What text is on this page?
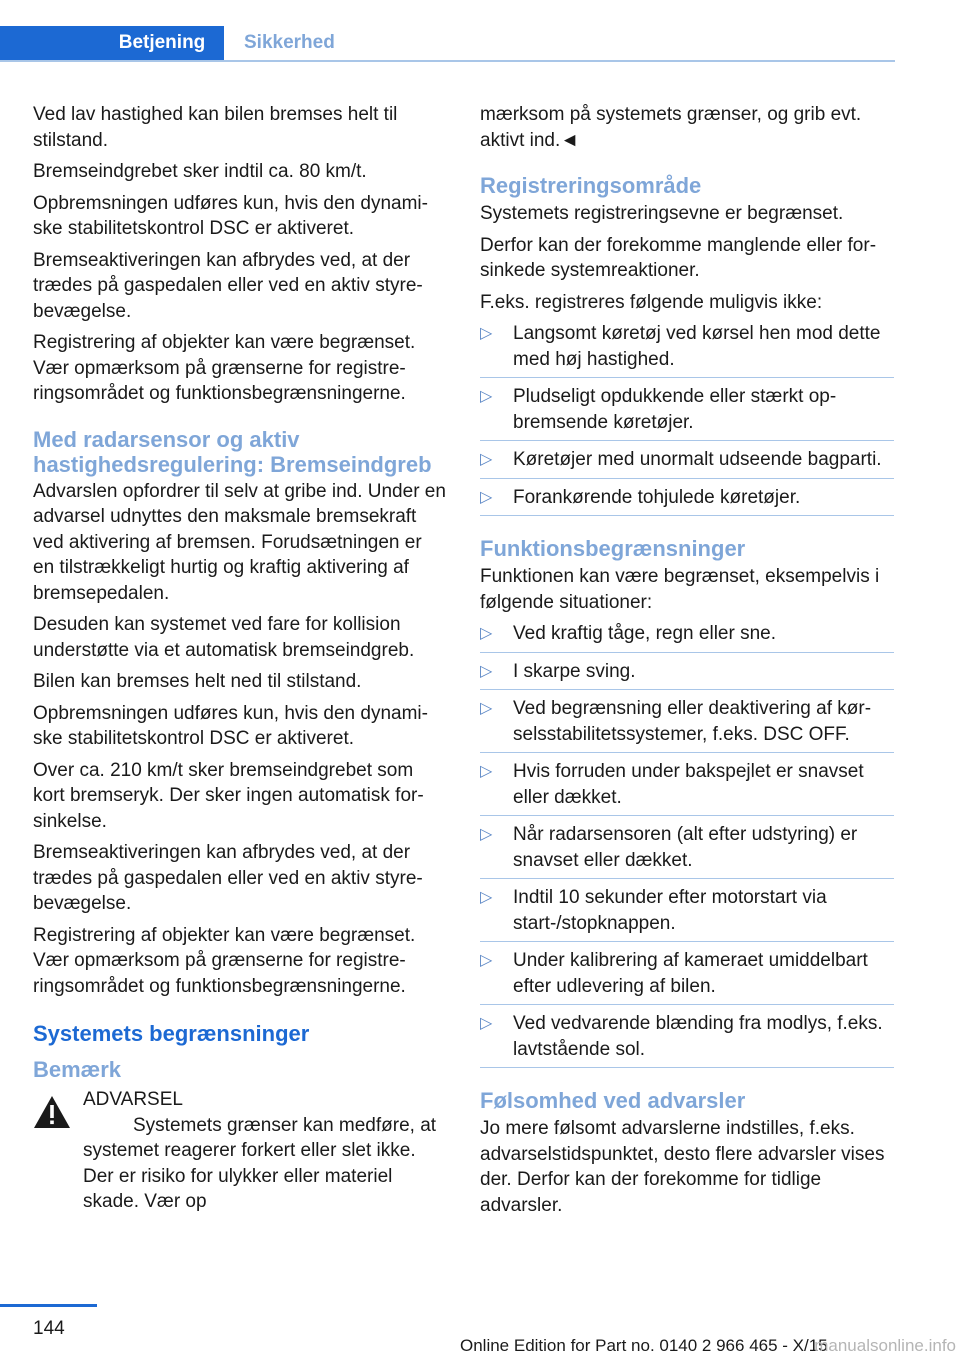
Betjening	Sikkerhed

Ved lav hastighed kan bilen bremses helt til stilstand.

Bremseindgrebet sker indtil ca. 80 km/t.

Opbremsningen udføres kun, hvis den dynamiske stabilitetskontrol DSC er aktiveret.

Bremseaktiveringen kan afbrydes ved, at der trædes på gaspedalen eller ved en aktiv styrebevægelse.

Registrering af objekter kan være begrænset. Vær opmærksom på grænserne for registreringsområdet og funktionsbegrænsningerne.

Med radarsensor og aktiv hastighedsregulering: Bremseindgreb

Advarslen opfordrer til selv at gribe ind. Under en advarsel udnyttes den maksmale bremsekraft ved aktivering af bremsen. Forudsætningen er en tilstrækkeligt hurtig og kraftig aktivering af bremsepedalen.

Desuden kan systemet ved fare for kollision understøtte via et automatisk bremseindgreb.

Bilen kan bremses helt ned til stilstand.

Opbremsningen udføres kun, hvis den dynamiske stabilitetskontrol DSC er aktiveret.

Over ca. 210 km/t sker bremseindgrebet som kort bremseryk. Der sker ingen automatisk forsinkelse.

Bremseaktiveringen kan afbrydes ved, at der trædes på gaspedalen eller ved en aktiv styrebevægelse.

Registrering af objekter kan være begrænset. Vær opmærksom på grænserne for registreringsområdet og funktionsbegrænsningerne.

Systemets begrænsninger
Bemærk

ADVARSEL

Systemets grænser kan medføre, at systemet reagerer forkert eller slet ikke. Der er risiko for ulykker eller materiel skade. Vær op

mærksom på systemets grænser, og grib evt. aktivt ind.◄

Registreringsområde

Systemets registreringsevne er begrænset.

Derfor kan der forekomme manglende eller forsinkede systemreaktioner.

F.eks. registreres følgende muligvis ikke:

▷ Langsomt køretøj ved kørsel hen mod dette med høj hastighed.
▷ Pludseligt opdukkende eller stærkt opbremsende køretøjer.
▷ Køretøjer med unormalt udseende bagparti.
▷ Forankørende tohjulede køretøjer.
Funktionsbegrænsninger

Funktionen kan være begrænset, eksempelvis i følgende situationer:

▷ Ved kraftig tåge, regn eller sne.
▷ I skarpe sving.
▷ Ved begrænsning eller deaktivering af kørselsstabilitetssystemer, f.eks. DSC OFF.
▷ Hvis forruden under bakspejlet er snavset eller dækket.
▷ Når radarsensoren (alt efter udstyring) er snavset eller dækket.
▷ Indtil 10 sekunder efter motorstart via start-/stopknappen.
▷ Under kalibrering af kameraet umiddelbart efter udlevering af bilen.
▷ Ved vedvarende blænding fra modlys, f.eks. lavtstående sol.
Følsomhed ved advarsler

Jo mere følsomt advarslerne indstilles, f.eks. advarselstidspunktet, desto flere advarsler vises der. Derfor kan der forekomme for tidlige advarsler.

144
Online Edition for Part no. 0140 2 966 465 - X/15
manualsonline.info
